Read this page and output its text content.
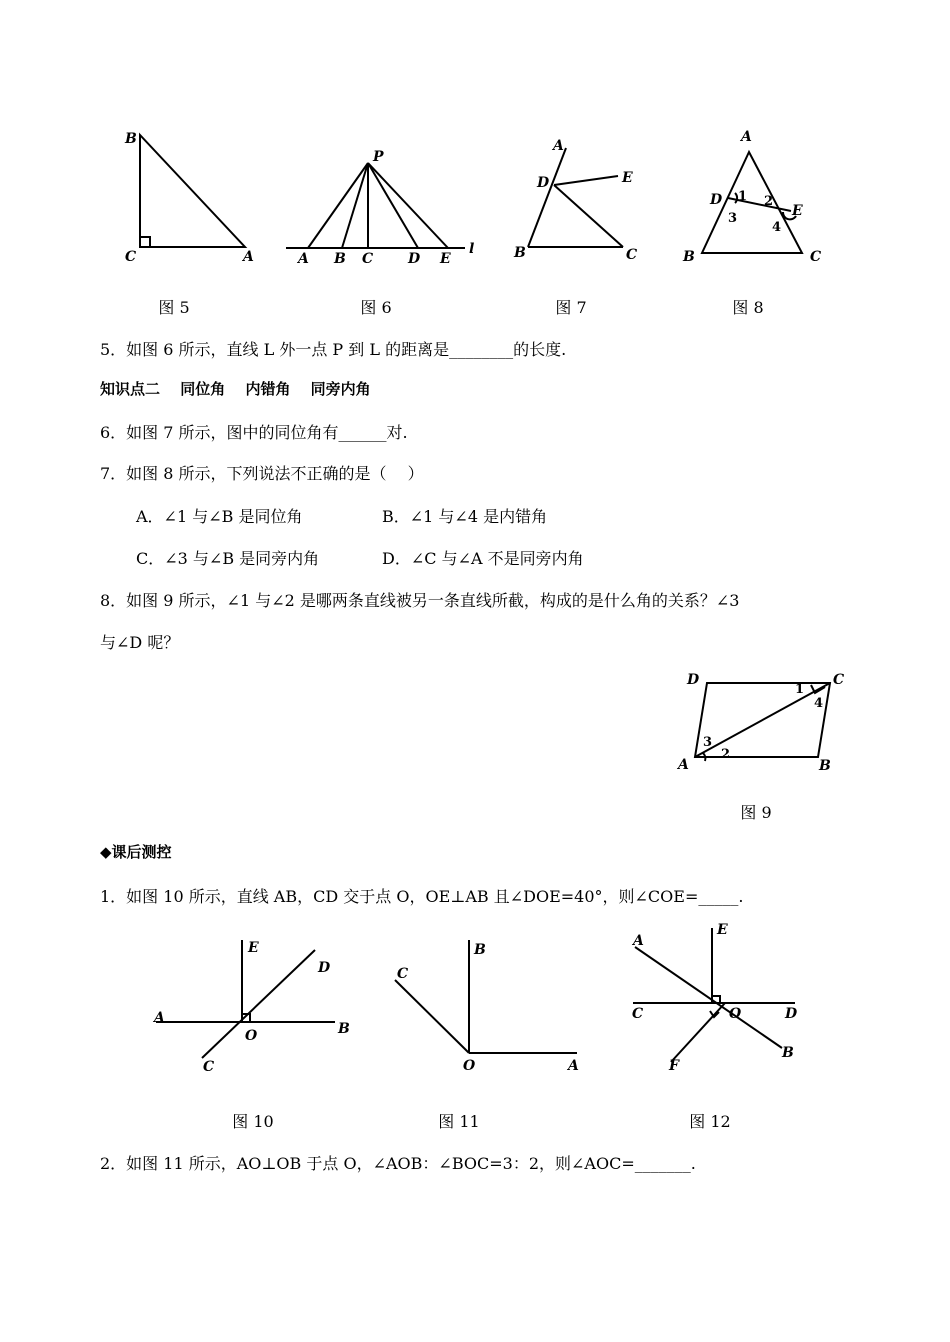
B
C	A
图 5
P
A B C D E
l
图 6
A
D	E
B	C
图 7
A
D
E
B	C
1 2
3
4
图 8
5．如图 6 所示，直线 L 外一点 P 到 L 的距离是________的长度.
知识点二　 同位角　 内错角　 同旁内角
6．如图 7 所示，图中的同位角有______对.
7．如图 8 所示，下列说法不正确的是（　 ）
A．∠1 与∠B 是同位角	B．∠1 与∠4 是内错角
C．∠3 与∠B 是同旁内角	D．∠C 与∠A 不是同旁内角
8．如图 9 所示，∠1 与∠2 是哪两条直线被另一条直线所截，构成的是什么角的关系？∠3
与∠D 呢？
D	C
A	B
1
2
3
4
图 9
◆课后测控
1．如图 10 所示，直线 AB，CD 交于点 O，OE⊥AB 且∠DOE=40°，则∠COE=_____.
E
D
A
O	B
C
图 10
C
B
O	A
图 11
A
E
C	O	D
F
B
图 12
2．如图 11 所示，AO⊥OB 于点 O，∠AOB：∠BOC=3：2，则∠AOC=_______.
